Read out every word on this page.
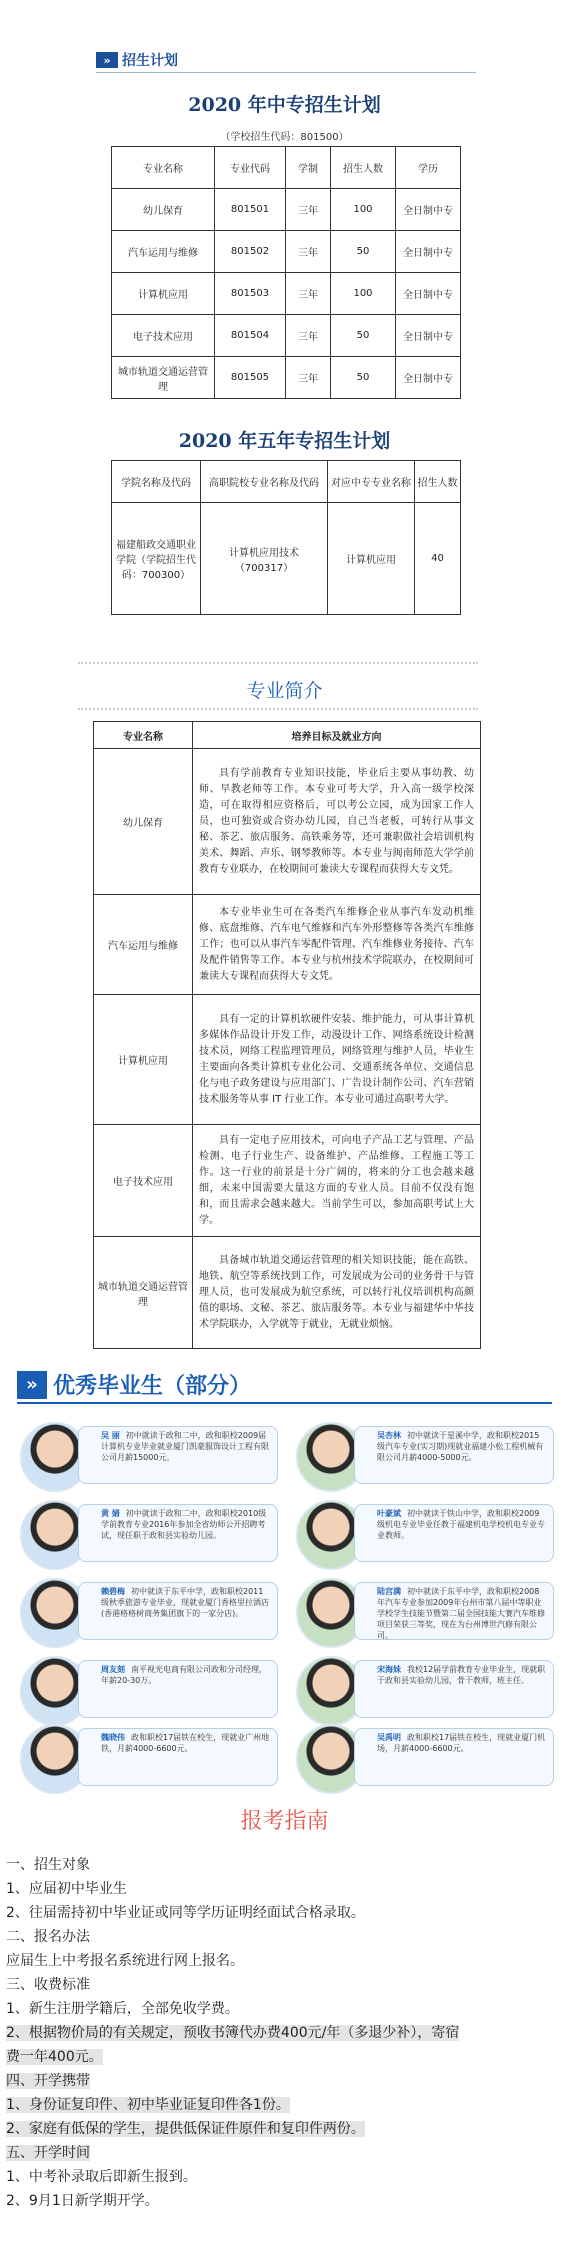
» 招生计划
2020 年中专招生计划
（学校招生代码：801500）
专业名称	专业代码	学制	招生人数	学历
幼儿保育	801501	三年	100	全日制中专
汽车运用与维修	801502	三年	50	全日制中专
计算机应用	801503	三年	100	全日制中专
电子技术应用	801504	三年	50	全日制中专
城市轨道交通运营管理	801505	三年	50	全日制中专
2020 年五年专招生计划
学院名称及代码	高职院校专业名称及代码	对应中专专业名称	招生人数
福建船政交通职业学院（学院招生代码：700300）	计算机应用技术（700317）	计算机应用	40
专业简介
专业名称	培养目标及就业方向
幼儿保育	具有学前教育专业知识技能，毕业后主要从事幼教、幼师、早教老师等工作。本专业可考大学，升入高一级学校深造，可在取得相应资格后，可以考公立园，成为国家工作人员，也可独资或合资办幼儿园，自己当老板，可转行从事文秘、茶艺、旅店服务、高铁乘务等，还可兼职做社会培训机构美术、舞蹈、声乐、钢琴教师等。本专业与闽南师范大学学前教育专业联办，在校期间可兼读大专课程而获得大专文凭。
汽车运用与维修	本专业毕业生可在各类汽车维修企业从事汽车发动机维修、底盘维修、汽车电气维修和汽车外形整修等各类汽车维修工作；也可以从事汽车零配件管理、汽车维修业务接待、汽车及配件销售等工作。本专业与杭州技术学院联办，在校期间可兼读大专课程而获得大专文凭。
计算机应用	具有一定的计算机软硬件安装、维护能力，可从事计算机多媒体作品设计开发工作，动漫设计工作、网络系统设计检测技术员，网络工程监理管理员，网络管理与维护人员，毕业生主要面向各类计算机专业化公司、交通系统各单位、交通信息化与电子政务建设与应用部门、广告设计制作公司、汽车营销技术服务等从事 IT 行业工作。本专业可通过高职考大学。
电子技术应用	具有一定电子应用技术，可向电子产品工艺与管理、产品检测、电子行业生产、设备维护、产品维修、工程施工等工作。这一行业的前景是十分广阔的，将来的分工也会越来越细，未来中国需要大量这方面的专业人员。目前不仅没有饱和，而且需求会越来越大。当前学生可以，参加高职考试上大学。
城市轨道交通运营管理	具备城市轨道交通运营管理的相关知识技能，能在高铁、地铁、航空等系统找到工作，可发展成为公司的业务骨干与管理人员，也可发展成为航空系统，可以转行礼仪培训机构高颜值的职场、文秘、茶艺、旅店服务等。本专业与福建华中华技术学院联办，入学就等于就业，无就业烦恼。
» 优秀毕业生（部分）
吴 丽 初中就读于政和二中，政和职校2009届计算机专业毕业就业厦门凯豪服饰设计工程有限公司月薪15000元。
黄 婧 初中就读于政和二中，政和职校2010级学前教育专业2016年参加全省幼师公开招聘考试，现任职于政和县实验幼儿园。
赖碧梅 初中就读于东平中学，政和职校2011级秋季旅游专业毕业，现就业厦门香格里拉酒店(香港格格树商务集团旗下的一家分店)。
周友刻 南平视光电商有限公司政和分司经理，年薪20-30万。
魏晓伟 政和职校17届铁在校生，现就业广州地铁，月薪4000-6600元。
吴杏林 初中就读于星溪中学，政和职校2015级汽车专业(实习期)现就业福建小松工程机械有限公司月薪4000-5000元。
叶豪斌 初中就读于铁山中学，政和职校2009级机电专业毕业任教于福建机电学校机电专业专业教师。
陆宫满 初中就读于东平中学，政和职校2008年汽车专业参加2009年台州市第八届中等职业学校学生技能节暨第二届全国技能大赛汽车维修项目荣获三等奖，现在为台州博世汽修有限公司。
宋海妹 我校12届学前教育专业毕业生，现就职于政和县实验幼儿园，骨干教师，班主任。
吴禹明 政和职校17届铁在校生，现就业厦门机场，月薪4000-6600元。
报考指南
一、招生对象
1、应届初中毕业生
2、往届需持初中毕业证或同等学历证明经面试合格录取。
二、报名办法
应届生上中考报名系统进行网上报名。
三、收费标准
1、新生注册学籍后，全部免收学费。
2、根据物价局的有关规定，预收书簿代办费400元/年（多退少补），寄宿
费一年400元。
四、开学携带
1、身份证复印件、初中毕业证复印件各1份。
2、家庭有低保的学生，提供低保证件原件和复印件两份。
五、开学时间
1、中考补录取后即新生报到。
2、9月1日新学期开学。
